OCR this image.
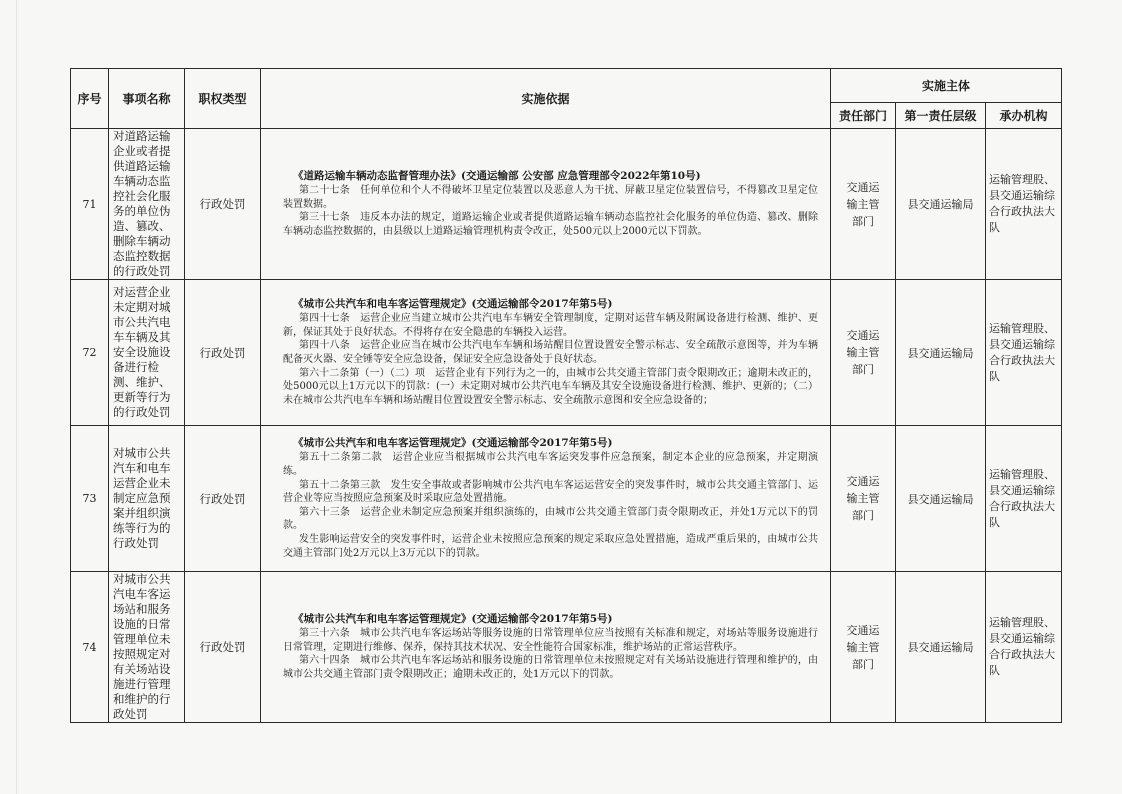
序号	事项名称	职权类型	实施依据	实施主体		
				责任部门	第一责任层级	承办机构
71	对道路运输企业或者提供道路运输车辆动态监控社会化服务的单位伪造、篡改、删除车辆动态监控数据的行政处罚	行政处罚	《道路运输车辆动态监督管理办法》(交通运输部 公安部 应急管理部令2022年第10号)
第二十七条　任何单位和个人不得破坏卫星定位装置以及恶意人为干扰、屏蔽卫星定位装置信号，不得篡改卫星定位装置数据。
第三十七条　违反本办法的规定，道路运输企业或者提供道路运输车辆动态监控社会化服务的单位伪造、篡改、删除车辆动态监控数据的，由县级以上道路运输管理机构责令改正，处500元以上2000元以下罚款。	交通运输主管部门	县交通运输局	运输管理股、县交通运输综合行政执法大队
72	对运营企业未定期对城市公共汽电车车辆及其安全设施设备进行检测、维护、更新等行为的行政处罚	行政处罚	《城市公共汽车和电车客运管理规定》(交通运输部令2017年第5号)
第四十七条　运营企业应当建立城市公共汽电车车辆安全管理制度，定期对运营车辆及附属设备进行检测、维护、更新，保证其处于良好状态。不得将存在安全隐患的车辆投入运营。
第四十八条　运营企业应当在城市公共汽电车车辆和场站醒目位置设置安全警示标志、安全疏散示意图等，并为车辆配备灭火器、安全锤等安全应急设备，保证安全应急设备处于良好状态。
第六十二条第（一）（二）项　运营企业有下列行为之一的，由城市公共交通主管部门责令限期改正；逾期未改正的，处5000元以上1万元以下的罚款：(一）未定期对城市公共汽电车车辆及其安全设施设备进行检测、维护、更新的；（二）未在城市公共汽电车车辆和场站醒目位置设置安全警示标志、安全疏散示意图和安全应急设备的；	交通运输主管部门	县交通运输局	运输管理股、县交通运输综合行政执法大队
73	对城市公共汽车和电车运营企业未制定应急预案并组织演练等行为的行政处罚	行政处罚	《城市公共汽车和电车客运管理规定》(交通运输部令2017年第5号)
第五十二条第二款　运营企业应当根据城市公共汽电车客运突发事件应急预案，制定本企业的应急预案，并定期演练。
第五十二条第三款　发生安全事故或者影响城市公共汽电车客运运营安全的突发事件时，城市公共交通主管部门、运营企业等应当按照应急预案及时采取应急处置措施。
第六十三条　运营企业未制定应急预案并组织演练的，由城市公共交通主管部门责令限期改正，并处1万元以下的罚款。
发生影响运营安全的突发事件时，运营企业未按照应急预案的规定采取应急处置措施，造成严重后果的，由城市公共交通主管部门处2万元以上3万元以下的罚款。	交通运输主管部门	县交通运输局	运输管理股、县交通运输综合行政执法大队
74	对城市公共汽电车客运场站和服务设施的日常管理单位未按照规定对有关场站设施进行管理和维护的行政处罚	行政处罚	《城市公共汽车和电车客运管理规定》(交通运输部令2017年第5号)
第三十六条　城市公共汽电车客运场站等服务设施的日常管理单位应当按照有关标准和规定，对场站等服务设施进行日常管理，定期进行维修、保养，保持其技术状况、安全性能符合国家标准，维护场站的正常运营秩序。
第六十四条　城市公共汽电车客运场站和服务设施的日常管理单位未按照规定对有关场站设施进行管理和维护的，由城市公共交通主管部门责令限期改正；逾期未改正的，处1万元以下的罚款。	交通运输主管部门	县交通运输局	运输管理股、县交通运输综合行政执法大队
